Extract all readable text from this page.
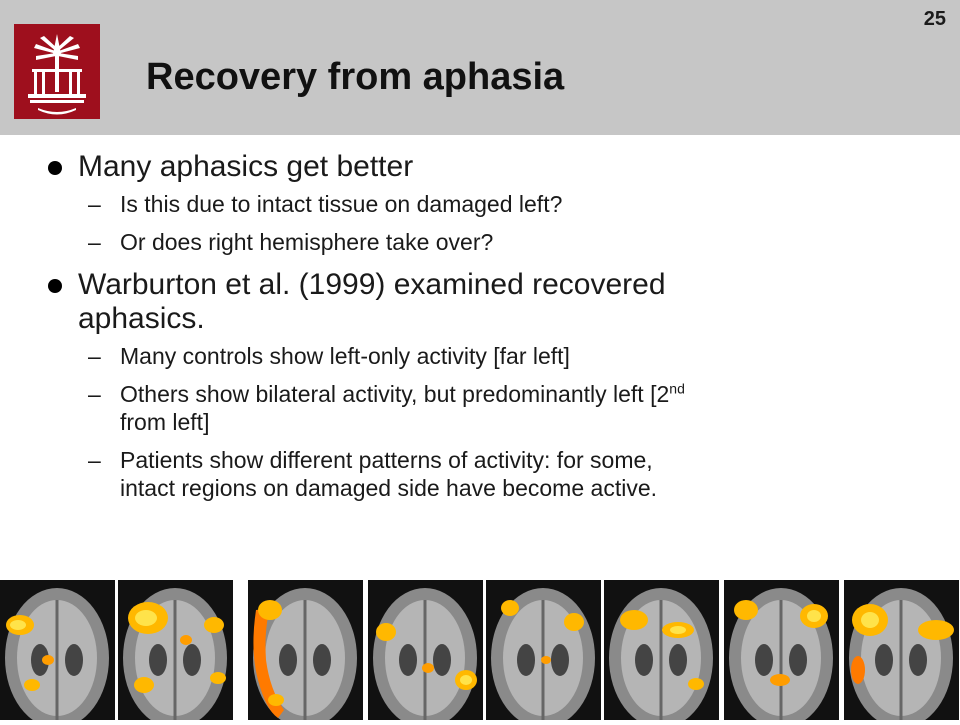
25
Recovery from aphasia

Many aphasics get better

– Is this due to intact tissue on damaged left?

– Or does right hemisphere take over?

Warburton et al. (1999) examined recovered
aphasics.

– Many controls show left-only activity [far left]

– Others show bilateral activity, but predominantly left [2nd
from left]

– Patients show different patterns of activity: for some,
intact regions on damaged side have become active.
